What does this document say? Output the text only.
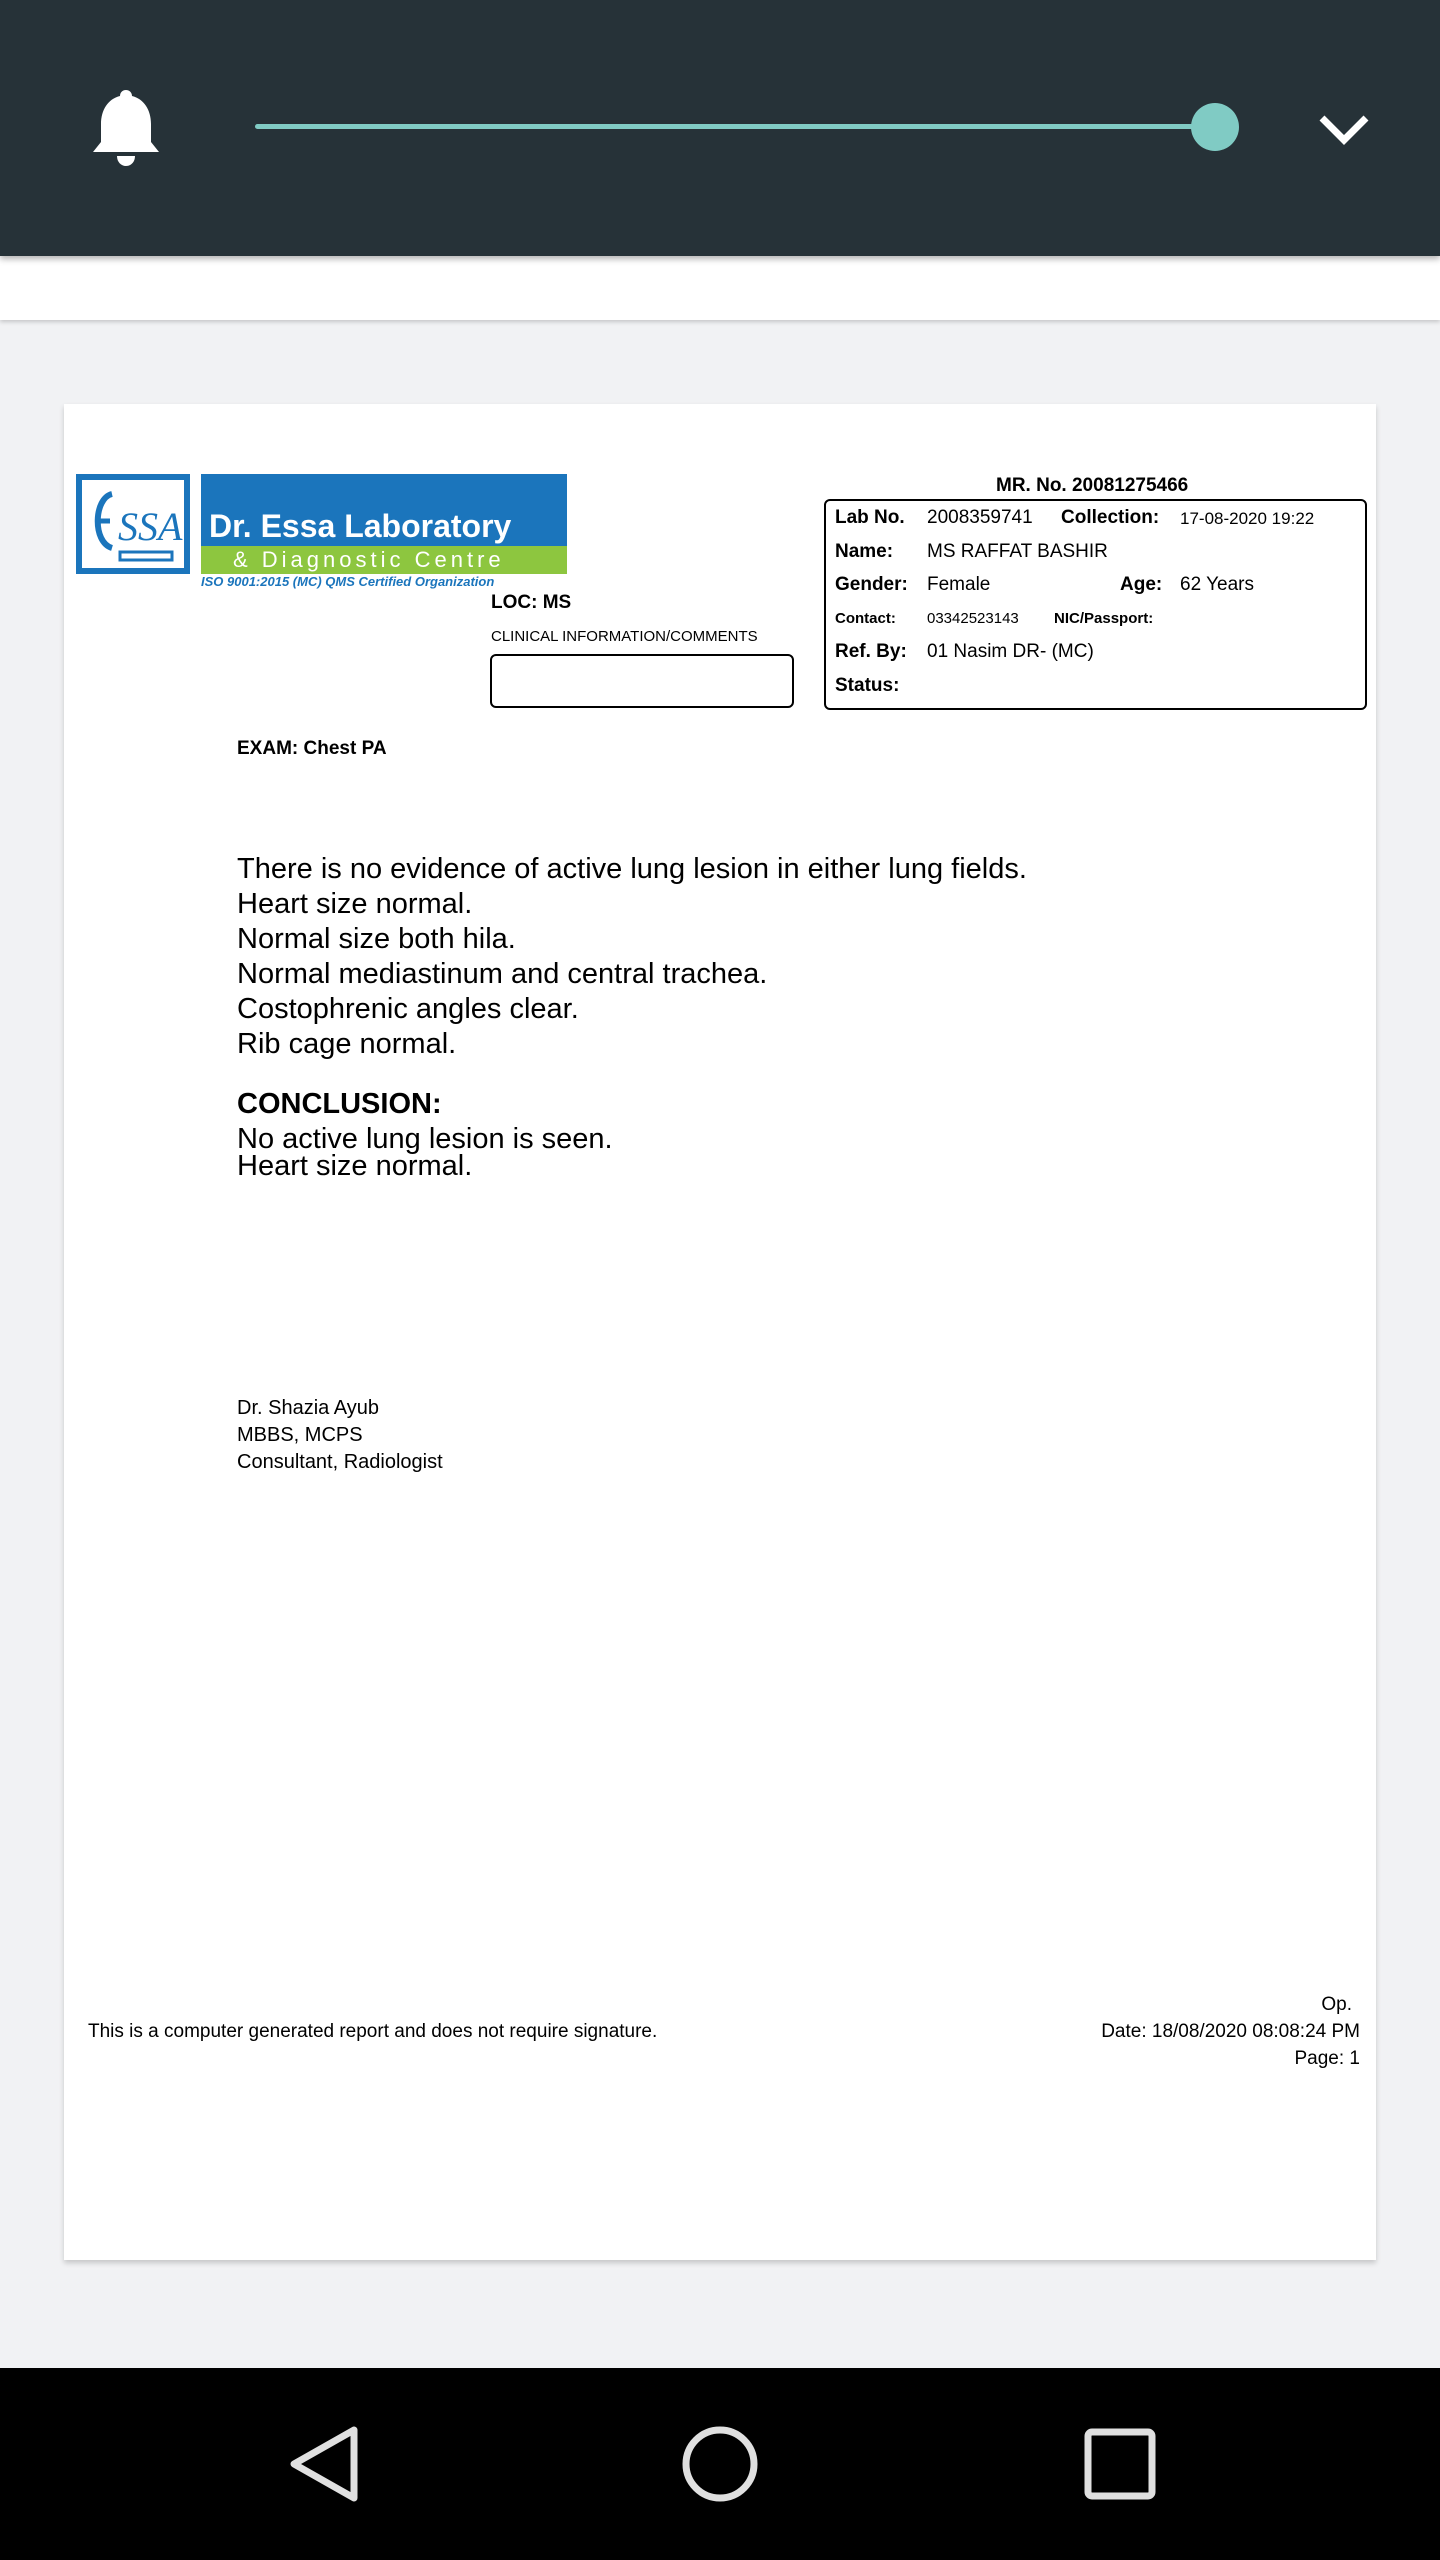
SSA Dr. Essa Laboratory
& Diagnostic Centre
ISO 9001:2015 (MC) QMS Certified Organization
LOC: MS
CLINICAL INFORMATION/COMMENTS
MR. No. 20081275466
Lab No. 2008359741 Collection: 17-08-2020 19:22
Name: MS RAFFAT BASHIR
Gender: Female	Age: 62 Years
Contact: 03342523143 NIC/Passport:
Ref. By: 01 Nasim DR- (MC)
Status:
EXAM: Chest PA
There is no evidence of active lung lesion in either lung fields.
Heart size normal.
Normal size both hila.
Normal mediastinum and central trachea.
Costophrenic angles clear.
Rib cage normal.
CONCLUSION:
No active lung lesion is seen.
Heart size normal.
Dr. Shazia Ayub
MBBS, MCPS
Consultant, Radiologist
This is a computer generated report and does not require signature.
Op.
Date: 18/08/2020 08:08:24 PM
Page: 1
